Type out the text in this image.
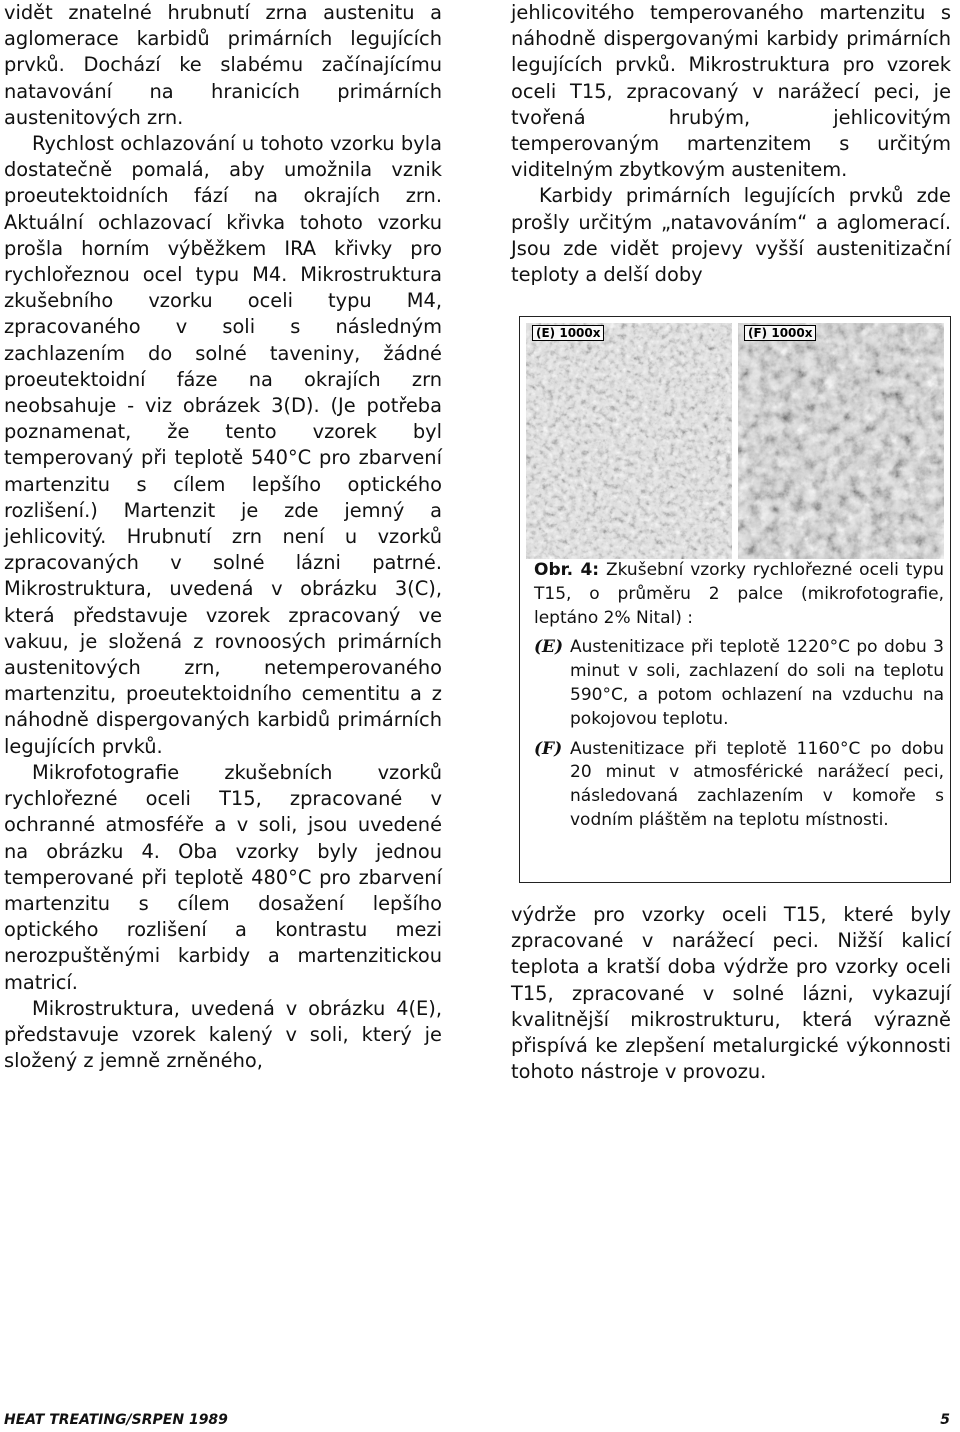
vidět znatelné hrubnutí zrna austenitu a aglomerace karbidů primárních legujících prvků. Dochází ke slabému začínajícímu natavování na hranicích primárních austenitových zrn.

Rychlost ochlazování u tohoto vzorku byla dostatečně pomalá, aby umožnila vznik proeutektoidních fází na okrajích zrn. Aktuální ochlazovací křivka tohoto vzorku prošla horním výběžkem IRA křivky pro rychlořeznou ocel typu M4. Mikrostruktura zkušebního vzorku oceli typu M4, zpracovaného v soli s následným zachlazením do solné taveniny, žádné proeutektoidní fáze na okrajích zrn neobsahuje - viz obrázek 3(D). (Je potřeba poznamenat, že tento vzorek byl temperovaný při teplotě 540°C pro zbarvení martenzitu s cílem lepšího optického rozlišení.) Martenzit je zde jemný a jehlicovitý. Hrubnutí zrn není u vzorků zpracovaných v solné lázni patrné. Mikrostruktura, uvedená v obrázku 3(C), která představuje vzorek zpracovaný ve vakuu, je složená z rovnoosých primárních austenitových zrn, netemperovaného martenzitu, proeutektoidního cementitu a z náhodně dispergovaných karbidů primárních legujících prvků.

Mikrofotografie zkušebních vzorků rychlořezné oceli T15, zpracované v ochranné atmosféře a v soli, jsou uvedené na obrázku 4. Oba vzorky byly jednou temperované při teplotě 480°C pro zbarvení martenzitu s cílem dosažení lepšího optického rozlišení a kontrastu mezi nerozpuštěnými karbidy a martenzitickou matricí.

Mikrostruktura, uvedená v obrázku 4(E), představuje vzorek kalený v soli, který je složený z jemně zrněného,

jehlicovitého temperovaného martenzitu s náhodně dispergovanými karbidy primárních legujících prvků. Mikrostruktura pro vzorek oceli T15, zpracovaný v narážecí peci, je tvořená hrubým, jehlicovitým temperovaným martenzitem s určitým viditelným zbytkovým austenitem.

Karbidy primárních legujících prvků zde prošly určitým „natavováním“ a aglomerací. Jsou zde vidět projevy vyšší austenitizační teploty a delší doby

(E) 1000x	(F) 1000x

Obr. 4: Zkušební vzorky rychlořezné oceli typu T15, o průměru 2 palce (mikrofotografie, leptáno 2% Nital) :

(E) Austenitizace při teplotě 1220°C po dobu 3 minut v soli, zachlazení do soli na teplotu 590°C, a potom ochlazení na vzduchu na pokojovou teplotu.
(F) Austenitizace při teplotě 1160°C po dobu 20 minut v atmosférické narážecí peci, následovaná zachlazením v komoře s vodním pláštěm na teplotu místnosti.

výdrže pro vzorky oceli T15, které byly zpracované v narážecí peci. Nižší kalicí teplota a kratší doba výdrže pro vzorky oceli T15, zpracované v solné lázni, vykazují kvalitnější mikrostrukturu, která výrazně přispívá ke zlepšení metalurgické výkonnosti tohoto nástroje v provozu.

HEAT TREATING/SRPEN 1989	5
